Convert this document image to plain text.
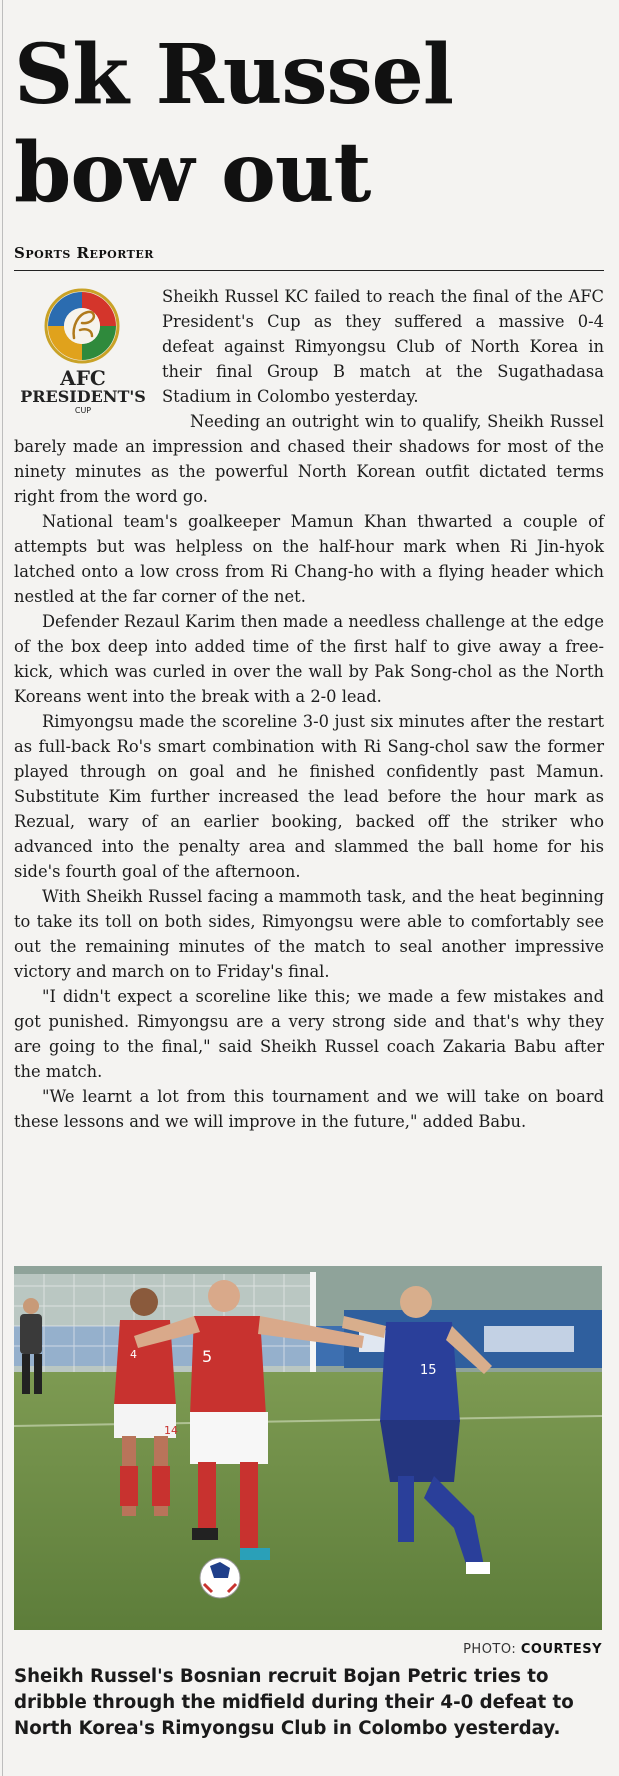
Sk Russel
bow out
Sports Reporter
AFC
PRESIDENT'S
CUP

Sheikh Russel KC failed to reach the final of the AFC President's Cup as they suffered a massive 0-4 defeat against Rimyongsu Club of North Korea in their final Group B match at the Sugathadasa Stadium in Colombo yesterday.

Needing an outright win to qualify, Sheikh Russel barely made an impression and chased their shadows for most of the ninety minutes as the powerful North Korean outfit dictated terms right from the word go.

National team's goalkeeper Mamun Khan thwarted a couple of attempts but was helpless on the half-hour mark when Ri Jin-hyok latched onto a low cross from Ri Chang-ho with a flying header which nestled at the far corner of the net.

Defender Rezaul Karim then made a needless challenge at the edge of the box deep into added time of the first half to give away a free-kick, which was curled in over the wall by Pak Song-chol as the North Koreans went into the break with a 2-0 lead.

Rimyongsu made the scoreline 3-0 just six minutes after the restart as full-back Ro's smart combination with Ri Sang-chol saw the former played through on goal and he finished confidently past Mamun. Substitute Kim further increased the lead before the hour mark as Rezual, wary of an earlier booking, backed off the striker who advanced into the penalty area and slammed the ball home for his side's fourth goal of the afternoon.

With Sheikh Russel facing a mammoth task, and the heat beginning to take its toll on both sides, Rimyongsu were able to comfortably see out the remaining minutes of the match to seal another impressive victory and march on to Friday's final.

"I didn't expect a scoreline like this; we made a few mistakes and got punished. Rimyongsu are a very strong side and that's why they are going to the final," said Sheikh Russel coach Zakaria Babu after the match.

"We learnt a lot from this tournament and we will take on board these lessons and we will improve in the future," added Babu.

4
14
5
15
PHOTO: COURTESY
Sheikh Russel's Bosnian recruit Bojan Petric tries to dribble through the midfield during their 4-0 defeat to North Korea's Rimyongsu Club in Colombo yesterday.
